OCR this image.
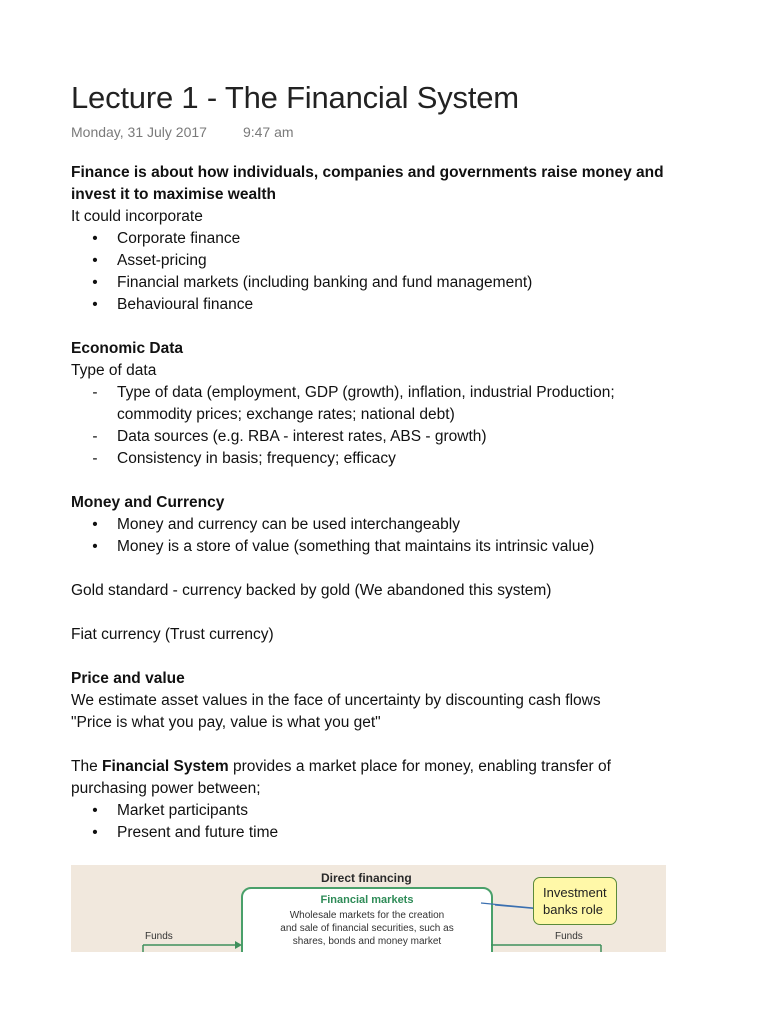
Lecture 1 - The Financial System
Monday, 31 July 2017	9:47 am

Finance is about how individuals, companies and governments raise money and

invest it to maximise wealth

It could incorporate

• Corporate finance
• Asset-pricing
• Financial markets (including banking and fund management)
• Behavioural finance

Economic Data

Type of data

- Type of data (employment, GDP (growth), inflation, industrial Production;
commodity prices; exchange rates; national debt)
- Data sources (e.g. RBA - interest rates, ABS - growth)
- Consistency in basis; frequency; efficacy

Money and Currency

• Money and currency can be used interchangeably
• Money is a store of value (something that maintains its intrinsic value)

Gold standard - currency backed by gold (We abandoned this system)

Fiat currency (Trust currency)

Price and value

We estimate asset values in the face of uncertainty by discounting cash flows

"Price is what you pay, value is what you get"

The Financial System provides a market place for money, enabling transfer of

purchasing power between;

• Market participants
• Present and future time
Direct financing
Financial markets
Wholesale markets for the creation
and sale of financial securities, such as
shares, bonds and money market
Funds	Funds
Investment
banks role
